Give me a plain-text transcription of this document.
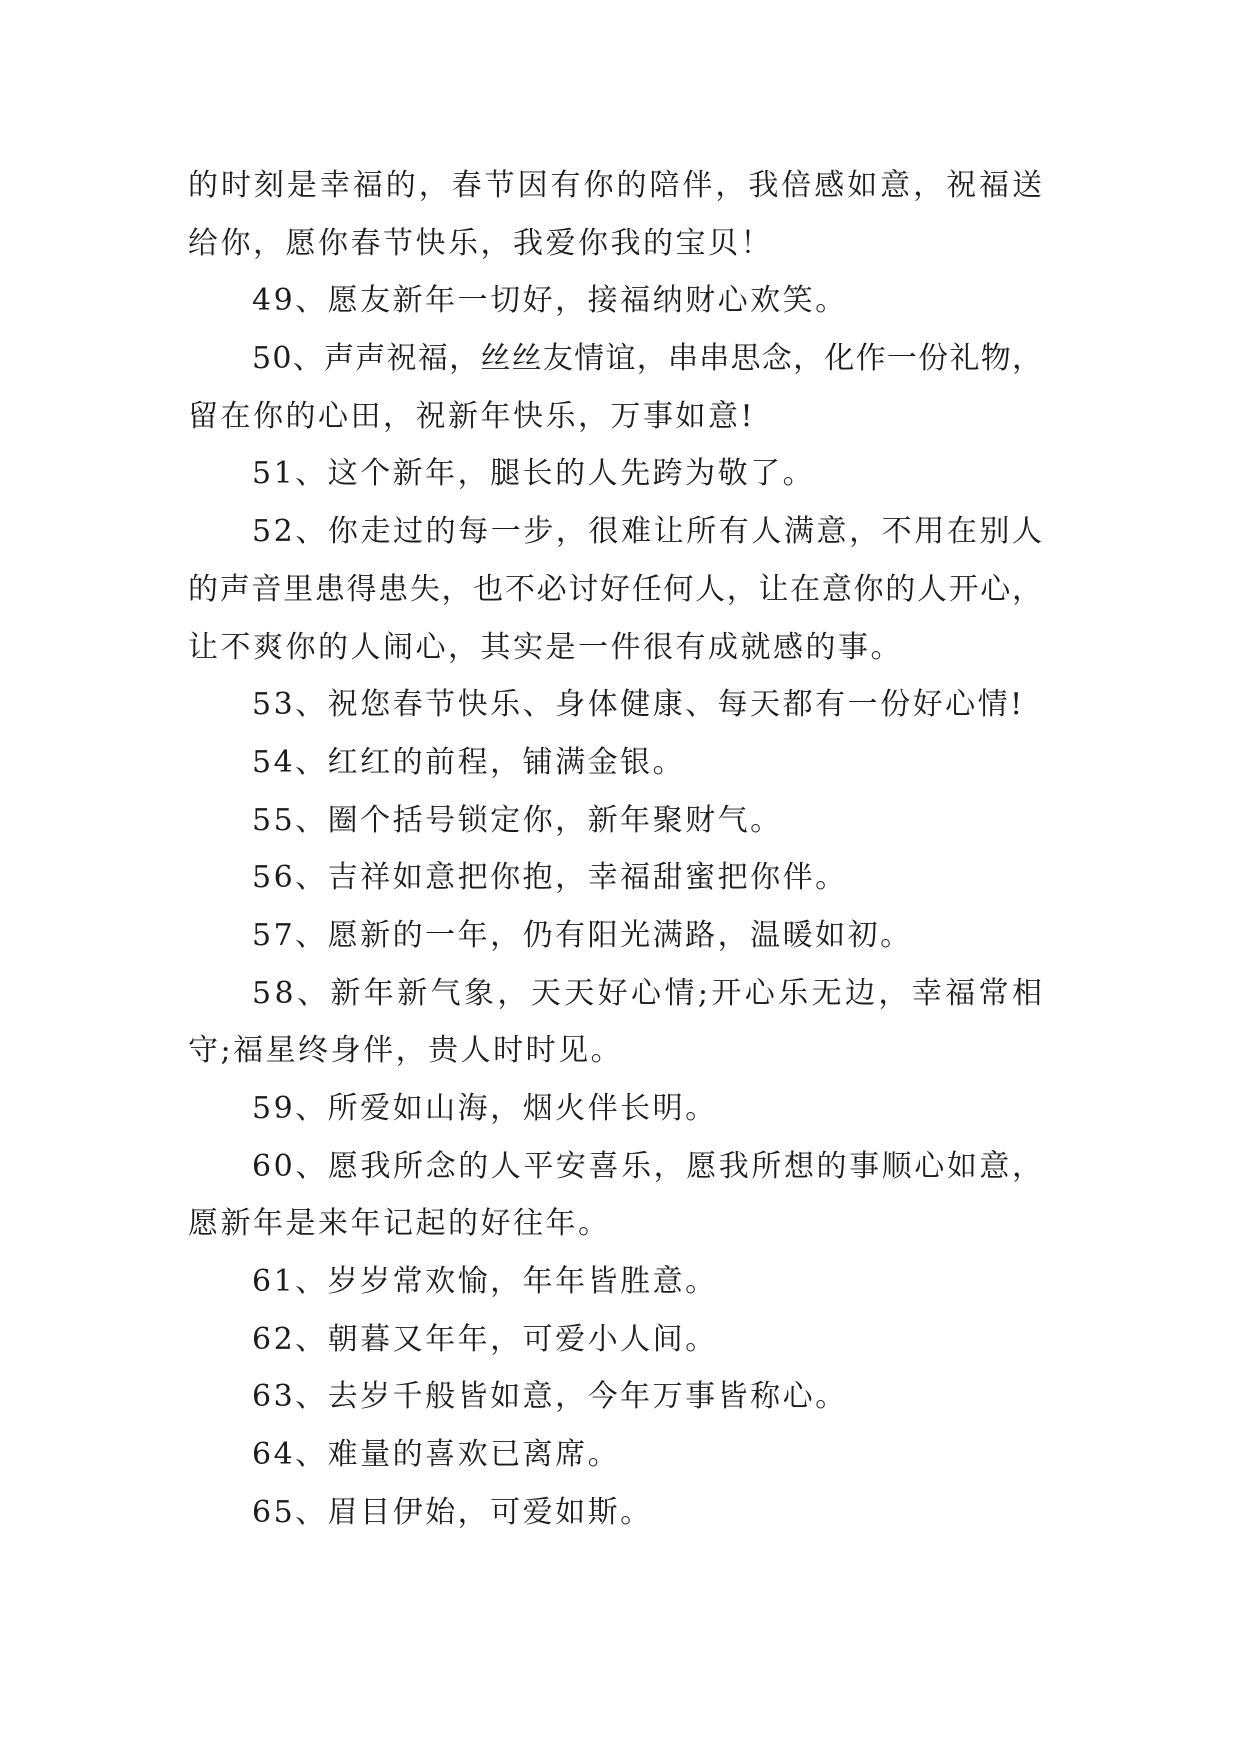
的时刻是幸福的，春节因有你的陪伴，我倍感如意，祝福送
给你，愿你春节快乐，我爱你我的宝贝！
49、愿友新年一切好，接福纳财心欢笑。
50、声声祝福，丝丝友情谊，串串思念，化作一份礼物，
留在你的心田，祝新年快乐，万事如意!
51、这个新年，腿长的人先跨为敬了。
52、你走过的每一步，很难让所有人满意，不用在别人
的声音里患得患失，也不必讨好任何人，让在意你的人开心，
让不爽你的人闹心，其实是一件很有成就感的事。
53、祝您春节快乐、身体健康、每天都有一份好心情!
54、红红的前程，铺满金银。
55、圈个括号锁定你，新年聚财气。
56、吉祥如意把你抱，幸福甜蜜把你伴。
57、愿新的一年，仍有阳光满路，温暖如初。
58、新年新气象，天天好心情;开心乐无边，幸福常相
守;福星终身伴，贵人时时见。
59、所爱如山海，烟火伴长明。
60、愿我所念的人平安喜乐，愿我所想的事顺心如意，
愿新年是来年记起的好往年。
61、岁岁常欢愉，年年皆胜意。
62、朝暮又年年，可爱小人间。
63、去岁千般皆如意，今年万事皆称心。
64、难量的喜欢已离席。
65、眉目伊始，可爱如斯。
